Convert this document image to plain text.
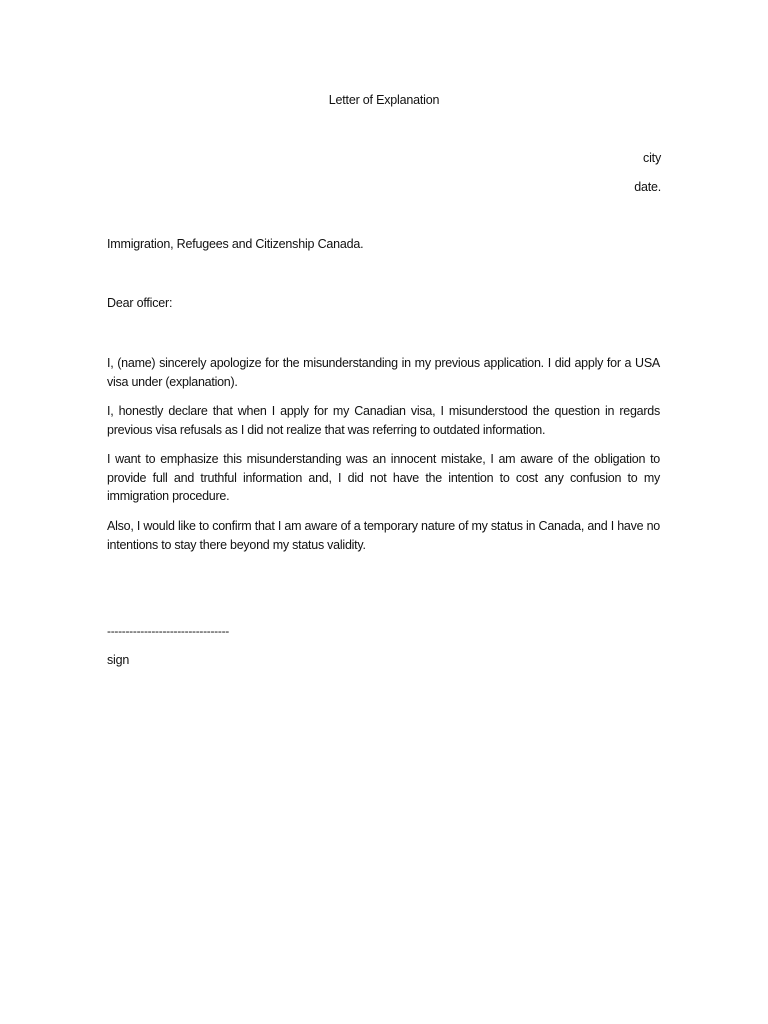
Letter of Explanation
city
date.
Immigration, Refugees and Citizenship Canada.
Dear officer:

I, (name) sincerely apologize for the misunderstanding in my previous application. I did apply for a USA visa under (explanation).

I, honestly declare that when I apply for my Canadian visa, I misunderstood the question in regards previous visa refusals as I did not realize that was referring to outdated information.

I want to emphasize this misunderstanding was an innocent mistake, I am aware of the obligation to provide full and truthful information and, I did not have the intention to cost any confusion to my immigration procedure.

Also, I would like to confirm that I am aware of a temporary nature of my status in Canada, and I have no intentions to stay there beyond my status validity.

---------------------------------
sign
